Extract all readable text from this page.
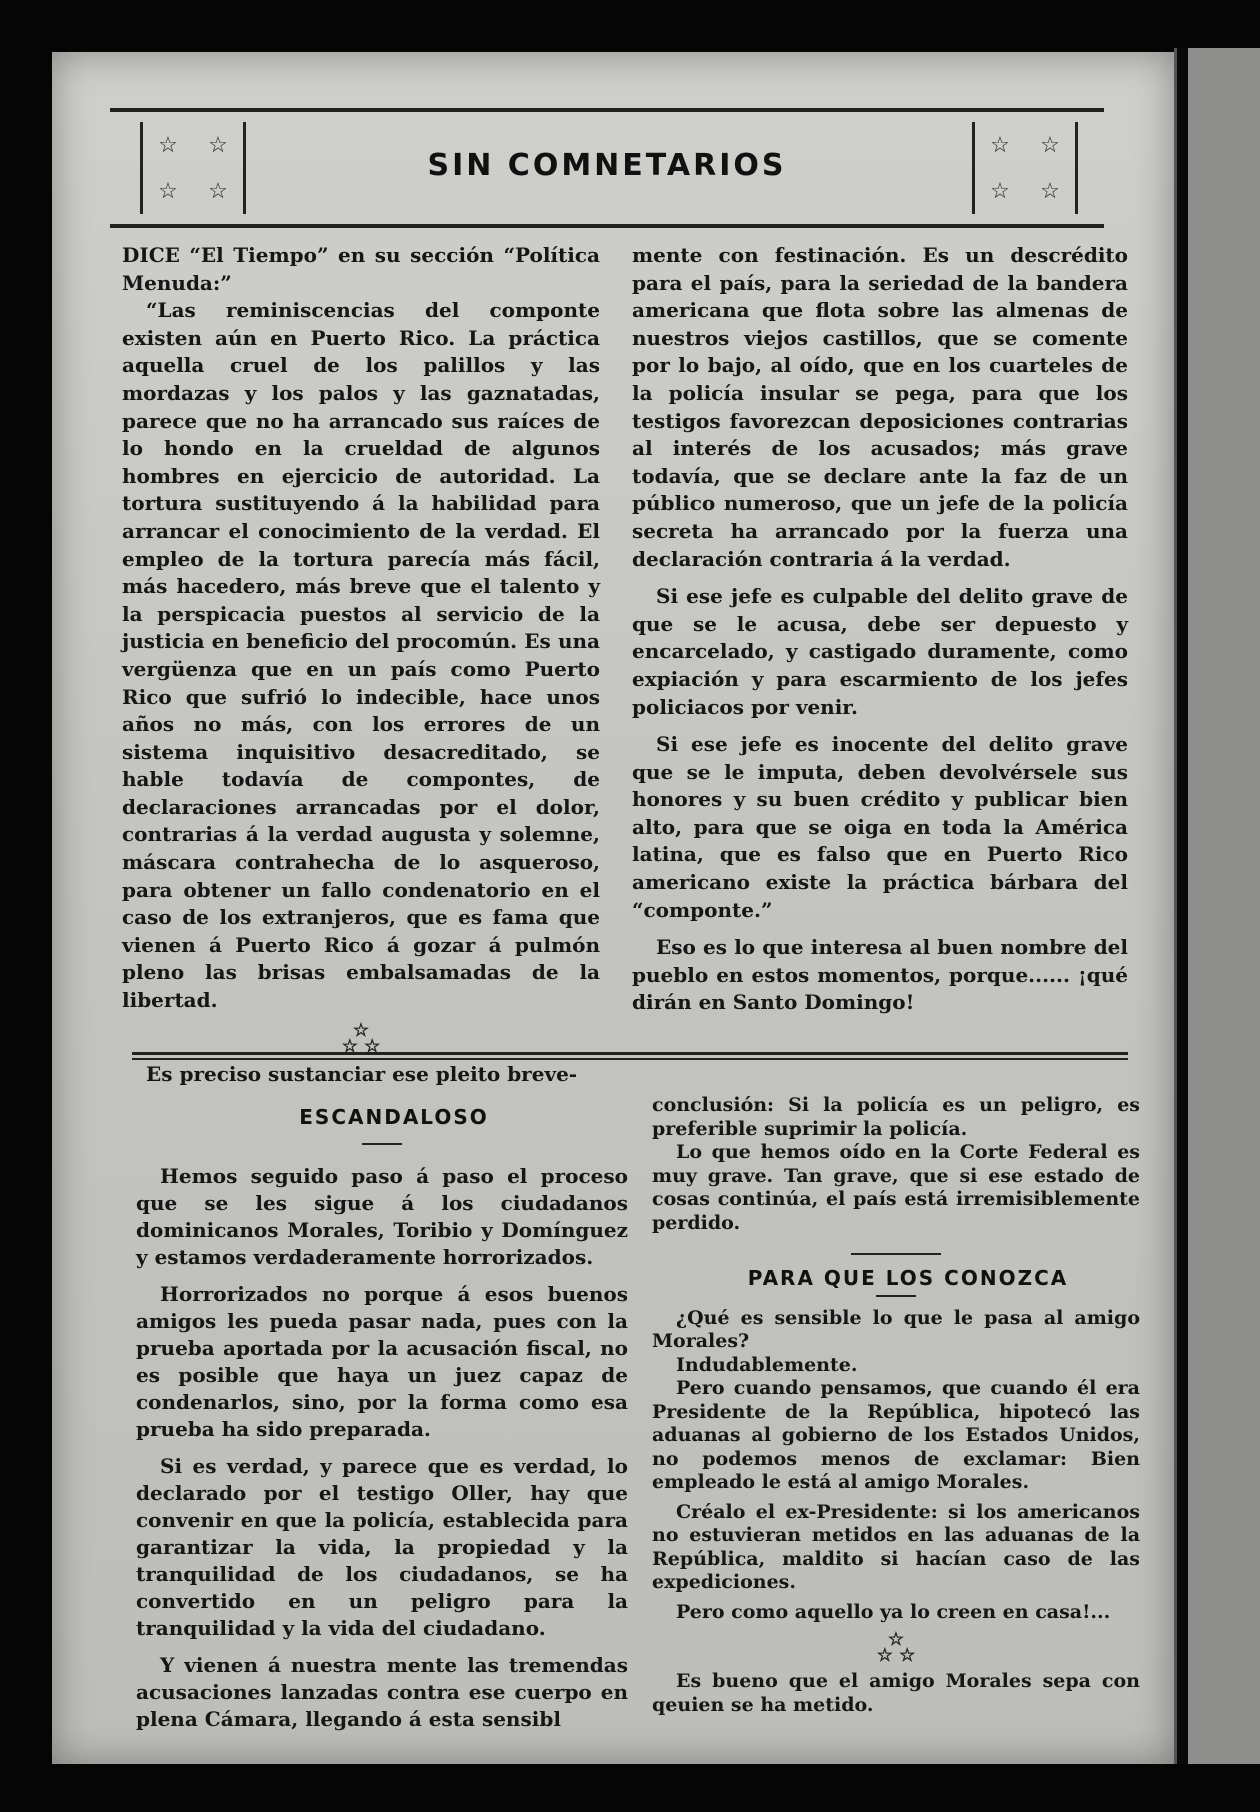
☆ ☆
☆ ☆
SIN COMNETARIOS
☆ ☆
☆ ☆

DICE “El Tiempo” en su sección “Política Menuda:”

“Las reminiscencias del componte existen aún en Puerto Rico. La práctica aquella cruel de los palillos y las mordazas y los palos y las gaznatadas, parece que no ha arrancado sus raíces de lo hondo en la crueldad de algunos hombres en ejercicio de autoridad. La tortura sustituyendo á la habilidad para arrancar el conocimiento de la verdad. El empleo de la tortura parecía más fácil, más hacedero, más breve que el talento y la perspicacia puestos al servicio de la justicia en beneficio del procomún. Es una vergüenza que en un país como Puerto Rico que sufrió lo indecible, hace unos años no más, con los errores de un sistema inquisitivo desacreditado, se hable todavía de compontes, de declaraciones arrancadas por el dolor, contrarias á la verdad augusta y solemne, máscara contrahecha de lo asqueroso, para obtener un fallo condenatorio en el caso de los extranjeros, que es fama que vienen á Puerto Rico á gozar á pulmón pleno las brisas embalsamadas de la libertad.

☆
☆ ☆

Es preciso sustanciar ese pleito breve-

mente con festinación. Es un descrédito para el país, para la seriedad de la bandera americana que flota sobre las almenas de nuestros viejos castillos, que se comente por lo bajo, al oído, que en los cuarteles de la policía insular se pega, para que los testigos favorezcan deposiciones contrarias al interés de los acusados; más grave todavía, que se declare ante la faz de un público numeroso, que un jefe de la policía secreta ha arrancado por la fuerza una declaración contraria á la verdad.

Si ese jefe es culpable del delito grave de que se le acusa, debe ser depuesto y encarcelado, y castigado duramente, como expiación y para escarmiento de los jefes policiacos por venir.

Si ese jefe es inocente del delito grave que se le imputa, deben devolvérsele sus honores y su buen crédito y publicar bien alto, para que se oiga en toda la América latina, que es falso que en Puerto Rico americano existe la práctica bárbara del “componte.”

Eso es lo que interesa al buen nombre del pueblo en estos momentos, porque...... ¡qué dirán en Santo Domingo!

ESCANDALOSO

Hemos seguido paso á paso el proceso que se les sigue á los ciudadanos dominicanos Morales, Toribio y Domínguez y estamos verdaderamente horrorizados.

Horrorizados no porque á esos buenos amigos les pueda pasar nada, pues con la prueba aportada por la acusación fiscal, no es posible que haya un juez capaz de condenarlos, sino, por la forma como esa prueba ha sido preparada.

Si es verdad, y parece que es verdad, lo declarado por el testigo Oller, hay que convenir en que la policía, establecida para garantizar la vida, la propiedad y la tranquilidad de los ciudadanos, se ha convertido en un peligro para la tranquilidad y la vida del ciudadano.

Y vienen á nuestra mente las tremendas acusaciones lanzadas contra ese cuerpo en plena Cámara, llegando á esta sensibl

conclusión: Si la policía es un peligro, es preferible suprimir la policía.

Lo que hemos oído en la Corte Federal es muy grave. Tan grave, que si ese estado de cosas continúa, el país está irremisiblemente perdido.

PARA QUE LOS CONOZCA

¿Qué es sensible lo que le pasa al amigo Morales?

Indudablemente.

Pero cuando pensamos, que cuando él era Presidente de la República, hipotecó las aduanas al gobierno de los Estados Unidos, no podemos menos de exclamar: Bien empleado le está al amigo Morales.

Créalo el ex-Presidente: si los americanos no estuvieran metidos en las aduanas de la República, maldito si hacían caso de las expediciones.

Pero como aquello ya lo creen en casa!...

☆
☆ ☆

Es bueno que el amigo Morales sepa con qeuien se ha metido.
